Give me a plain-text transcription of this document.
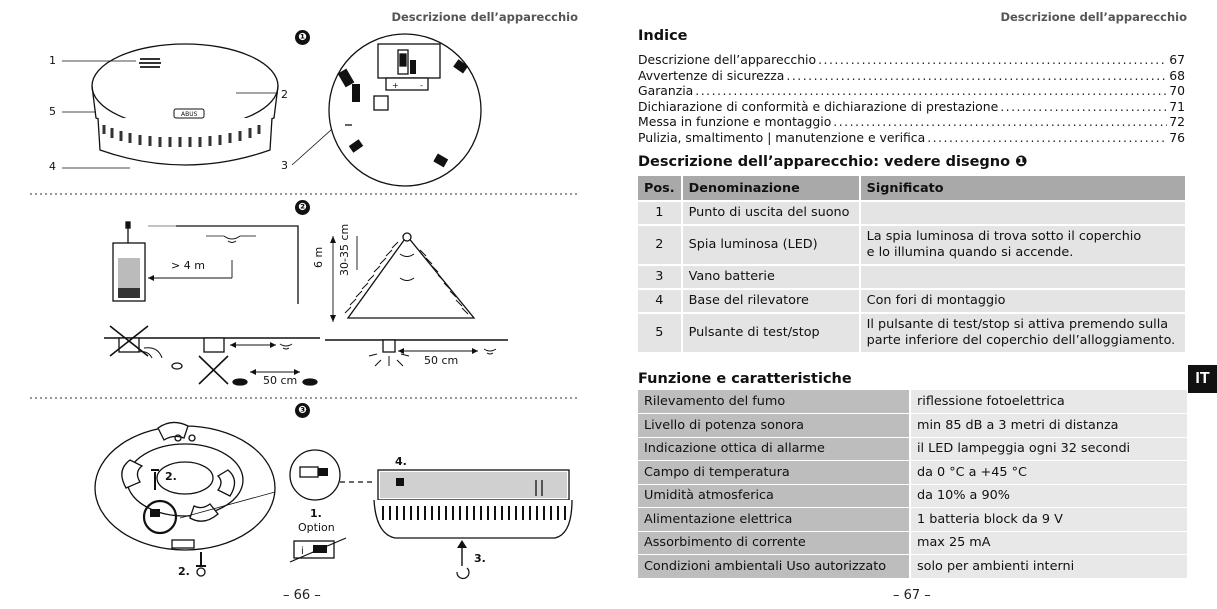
Descrizione dell’apparecchio
ABUS
+	-
i
❶
❷
❸
1
2
3
4
5
> 4 m	6 m 30-35 cm
50 cm
50 cm
1.
Option
2.
2.
3.
4.
– 66 –
Descrizione dell’apparecchio
Indice
Descrizione dell’apparecchio .....	67
Avvertenze di sicurezza .....	68
Garanzia .....	70
Dichiarazione di conformità e dichiarazione di prestazione .....	71
Messa in funzione e montaggio .....	72
Pulizia, smaltimento | manutenzione e verifica .....	76
Descrizione dell’apparecchio: vedere disegno ❶
Pos.	Denominazione	Significato
1	Punto di uscita del suono	

2	Spia luminosa (LED)	La spia luminosa di trova sotto il coperchio
e lo illumina quando si accende.

3	Vano batterie	

4	Base del rilevatore	Con fori di montaggio

5	Pulsante di test/stop	Il pulsante di test/stop si attiva premendo sulla
parte inferiore del coperchio dell’alloggiamento.
Funzione e caratteristiche
Rilevamento del fumo	riflessione fotoelettrica
Livello di potenza sonora	min 85 dB a 3 metri di distanza
Indicazione ottica di allarme	il LED lampeggia ogni 32 secondi
Campo di temperatura	da 0 °C a +45 °C
Umidità atmosferica	da 10% a 90%
Alimentazione elettrica	1 batteria block da 9 V
Assorbimento di corrente	max 25 mA
Condizioni ambientali Uso autorizzato	solo per ambienti interni
– 67 –
IT
